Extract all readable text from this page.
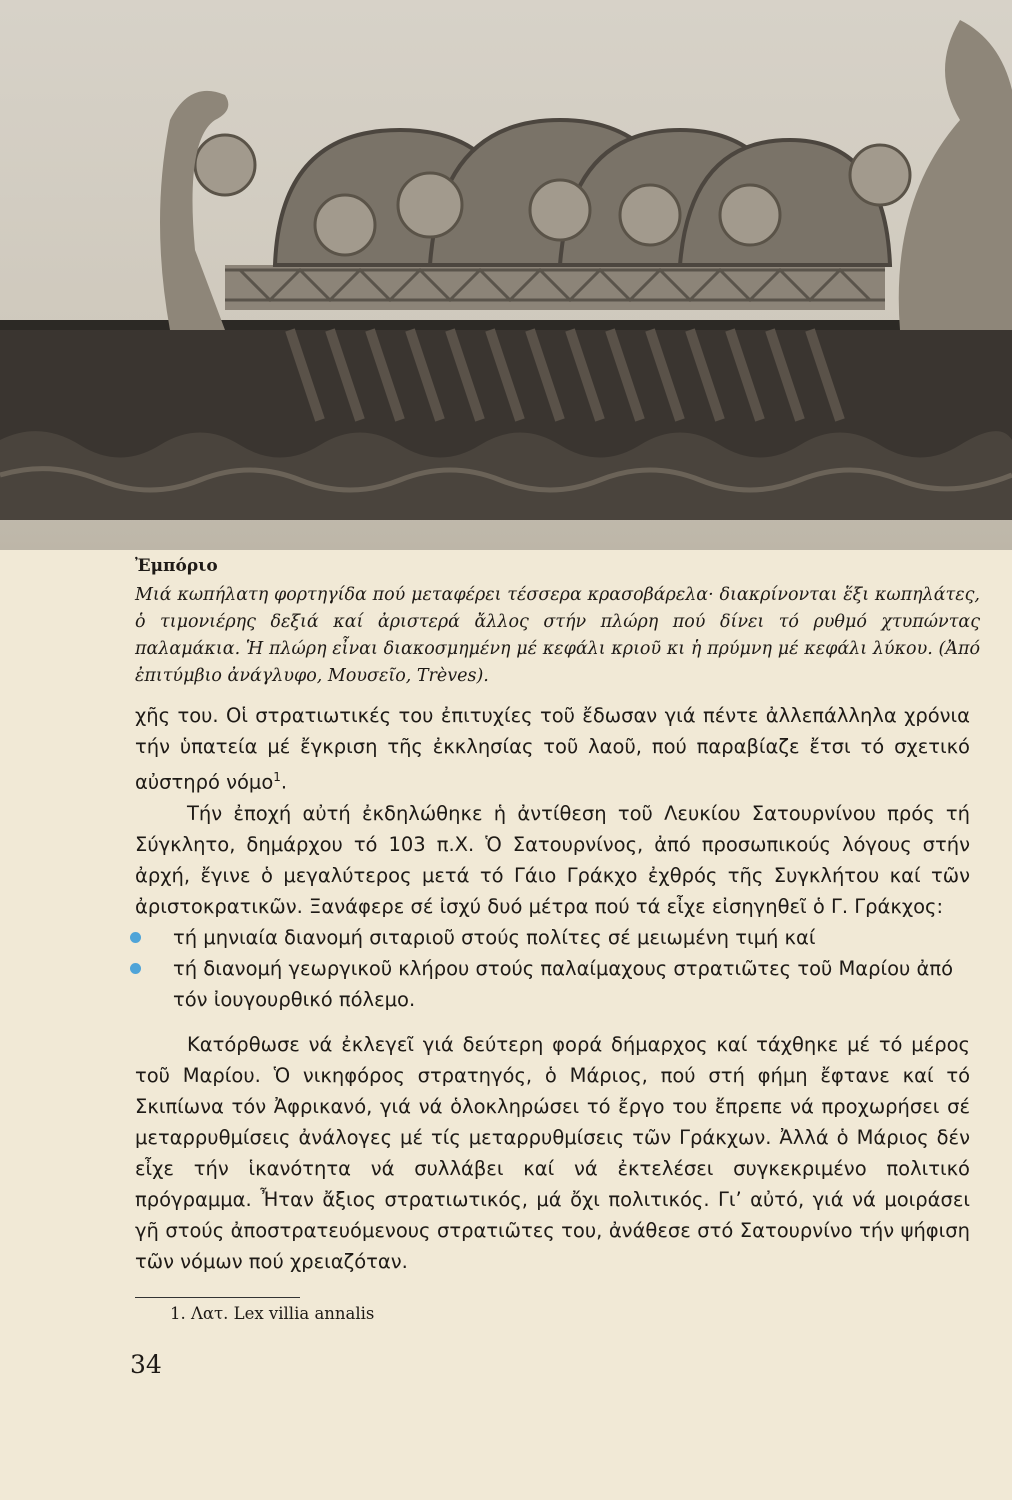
Ἐμπόριο

Μιά κωπήλατη φορτηγίδα πού μεταφέρει τέσσερα κρασοβάρελα· διακρίνονται ἕξι κωπηλάτες, ὁ τιμονιέρης δεξιά καί ἀριστερά ἄλλος στήν πλώρη πού δίνει τό ρυθμό χτυπώντας παλαμάκια. Ἡ πλώρη εἶναι διακοσμημένη μέ κεφάλι κριοῦ κι ἡ πρύμνη μέ κεφάλι λύκου. (Ἀπό ἐπιτύμβιο ἀνάγλυφο, Μουσεῖο, Trèves).

χῆς του. Οἱ στρατιωτικές του ἐπιτυχίες τοῦ ἔδωσαν γιά πέντε ἀλλεπάλληλα χρόνια τήν ὑπατεία μέ ἔγκριση τῆς ἐκκλησίας τοῦ λαοῦ, πού παραβίαζε ἔτσι τό σχετικό αὐστηρό νόμο$^1$.

Τήν ἐποχή αὐτή ἐκδηλώθηκε ἡ ἀντίθεση τοῦ Λευκίου Σατουρνίνου πρός τή Σύγκλητο, δημάρχου τό 103 π.Χ. Ὁ Σατουρνίνος, ἀπό προσωπικούς λόγους στήν ἀρχή, ἔγινε ὁ μεγαλύτερος μετά τό Γάιο Γράκχο ἐχθρός τῆς Συγκλήτου καί τῶν ἀριστοκρατικῶν. Ξανάφερε σέ ἰσχύ δυό μέτρα πού τά εἶχε εἰσηγηθεῖ ὁ Γ. Γράκχος:

τή μηνιαία διανομή σιταριοῦ στούς πολίτες σέ μειωμένη τιμή καί
τή διανομή γεωργικοῦ κλήρου στούς παλαίμαχους στρατιῶτες τοῦ Μαρίου ἀπό τόν ἰουγουρθικό πόλεμο.

Κατόρθωσε νά ἐκλεγεῖ γιά δεύτερη φορά δήμαρχος καί τάχθηκε μέ τό μέρος τοῦ Μαρίου. Ὁ νικηφόρος στρατηγός, ὁ Μάριος, πού στή φήμη ἔφτανε καί τό Σκιπίωνα τόν Ἀφρικανό, γιά νά ὁλοκληρώσει τό ἔργο του ἔπρεπε νά προχωρήσει σέ μεταρρυθμίσεις ἀνάλογες μέ τίς μεταρρυθμίσεις τῶν Γράκχων. Ἀλλά ὁ Μάριος δέν εἶχε τήν ἱκανότητα νά συλλάβει καί νά ἐκτελέσει συγκεκριμένο πολιτικό πρόγραμμα. Ἦταν ἄξιος στρατιωτικός, μά ὄχι πολιτικός. Γι’ αὐτό, γιά νά μοιράσει γῆ στούς ἀποστρατευόμενους στρατιῶτες του, ἀνάθεσε στό Σατουρνίνο τήν ψήφιση τῶν νόμων πού χρειαζόταν.

1. Λατ. Lex villia annalis
34
